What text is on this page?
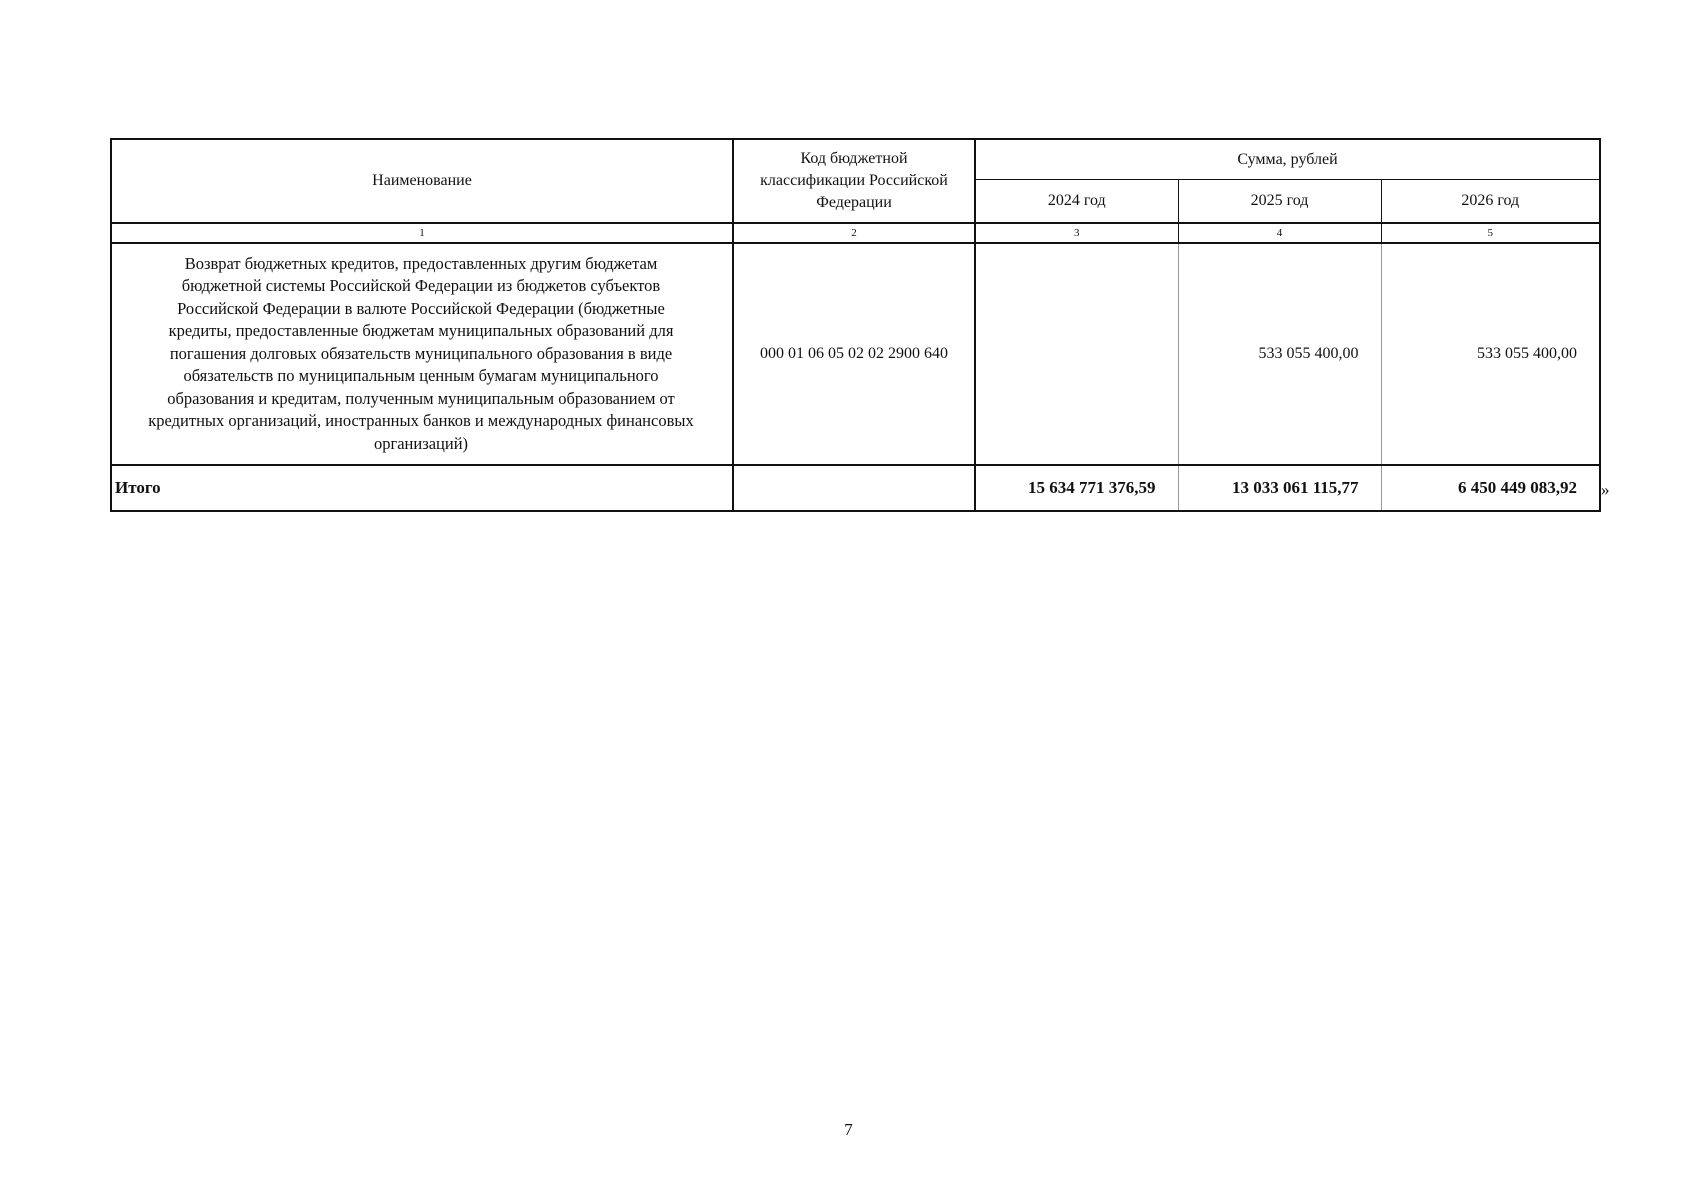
Наименование	Код бюджетной классификации Российской Федерации	Сумма, рублей		
		2024 год	2025 год	2026 год
1	2	3	4	5
Возврат бюджетных кредитов, предоставленных другим бюджетам бюджетной системы Российской Федерации из бюджетов субъектов Российской Федерации в валюте Российской Федерации (бюджетные кредиты, предоставленные бюджетам муниципальных образований для погашения долговых обязательств муниципального образования в виде обязательств по муниципальным ценным бумагам муниципального образования и кредитам, полученным муниципальным образованием от кредитных организаций, иностранных банков и международных финансовых организаций)	000 01 06 05 02 02 2900 640		533 055 400,00	533 055 400,00
Итого		15 634 771 376,59	13 033 061 115,77	6 450 449 083,92 »
7
